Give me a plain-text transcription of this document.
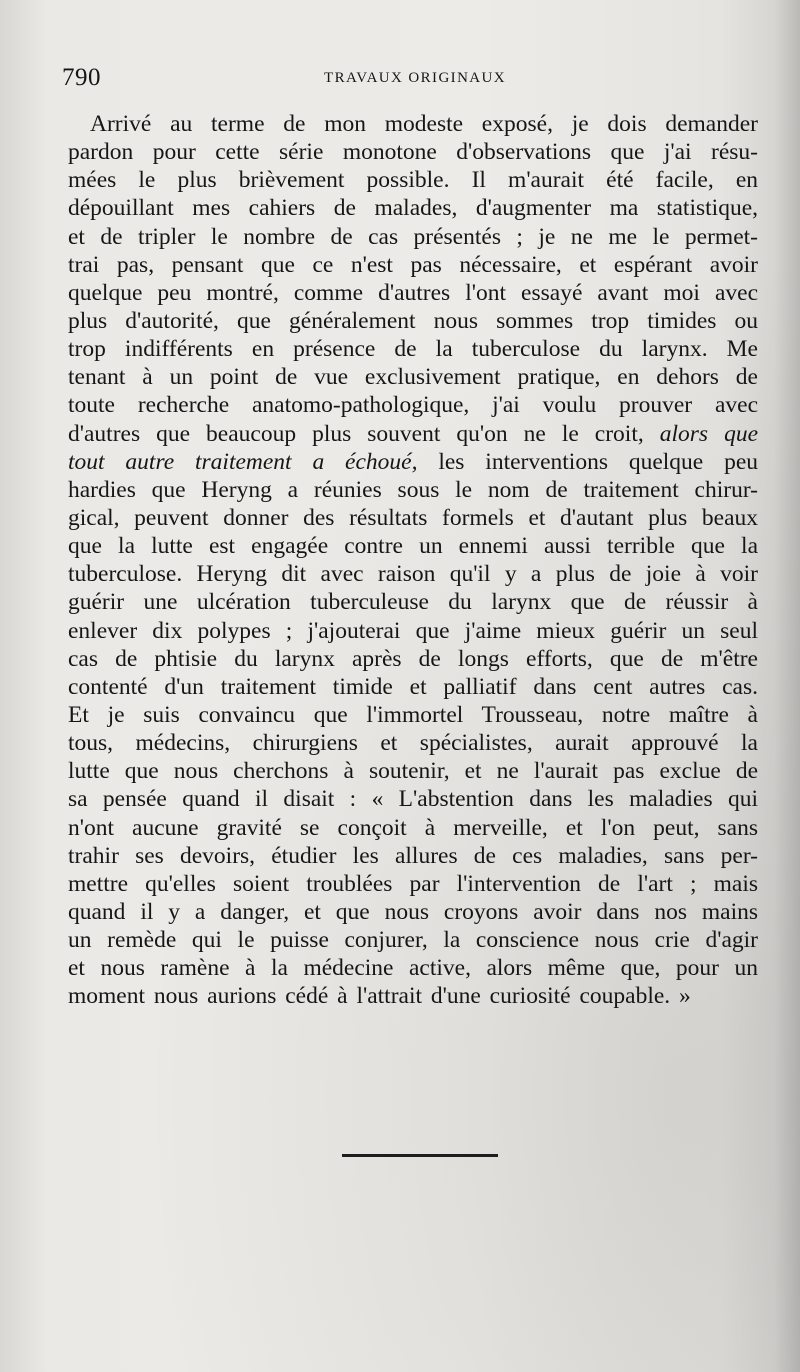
790	TRAVAUX ORIGINAUX
Arrivé au terme de mon modeste exposé, je dois demander
pardon pour cette série monotone d'observations que j'ai résu-
mées le plus brièvement possible. Il m'aurait été facile, en
dépouillant mes cahiers de malades, d'augmenter ma statistique,
et de tripler le nombre de cas présentés ; je ne me le permet-
trai pas, pensant que ce n'est pas nécessaire, et espérant avoir
quelque peu montré, comme d'autres l'ont essayé avant moi avec
plus d'autorité, que généralement nous sommes trop timides ou
trop indifférents en présence de la tuberculose du larynx. Me
tenant à un point de vue exclusivement pratique, en dehors de
toute recherche anatomo-pathologique, j'ai voulu prouver avec
d'autres que beaucoup plus souvent qu'on ne le croit, alors que
tout autre traitement a échoué, les interventions quelque peu
hardies que Heryng a réunies sous le nom de traitement chirur-
gical, peuvent donner des résultats formels et d'autant plus beaux
que la lutte est engagée contre un ennemi aussi terrible que la
tuberculose. Heryng dit avec raison qu'il y a plus de joie à voir
guérir une ulcération tuberculeuse du larynx que de réussir à
enlever dix polypes ; j'ajouterai que j'aime mieux guérir un seul
cas de phtisie du larynx après de longs efforts, que de m'être
contenté d'un traitement timide et palliatif dans cent autres cas.
Et je suis convaincu que l'immortel Trousseau, notre maître à
tous, médecins, chirurgiens et spécialistes, aurait approuvé la
lutte que nous cherchons à soutenir, et ne l'aurait pas exclue de
sa pensée quand il disait : « L'abstention dans les maladies qui
n'ont aucune gravité se conçoit à merveille, et l'on peut, sans
trahir ses devoirs, étudier les allures de ces maladies, sans per-
mettre qu'elles soient troublées par l'intervention de l'art ; mais
quand il y a danger, et que nous croyons avoir dans nos mains
un remède qui le puisse conjurer, la conscience nous crie d'agir
et nous ramène à la médecine active, alors même que, pour un
moment nous aurions cédé à l'attrait d'une curiosité coupable. »
